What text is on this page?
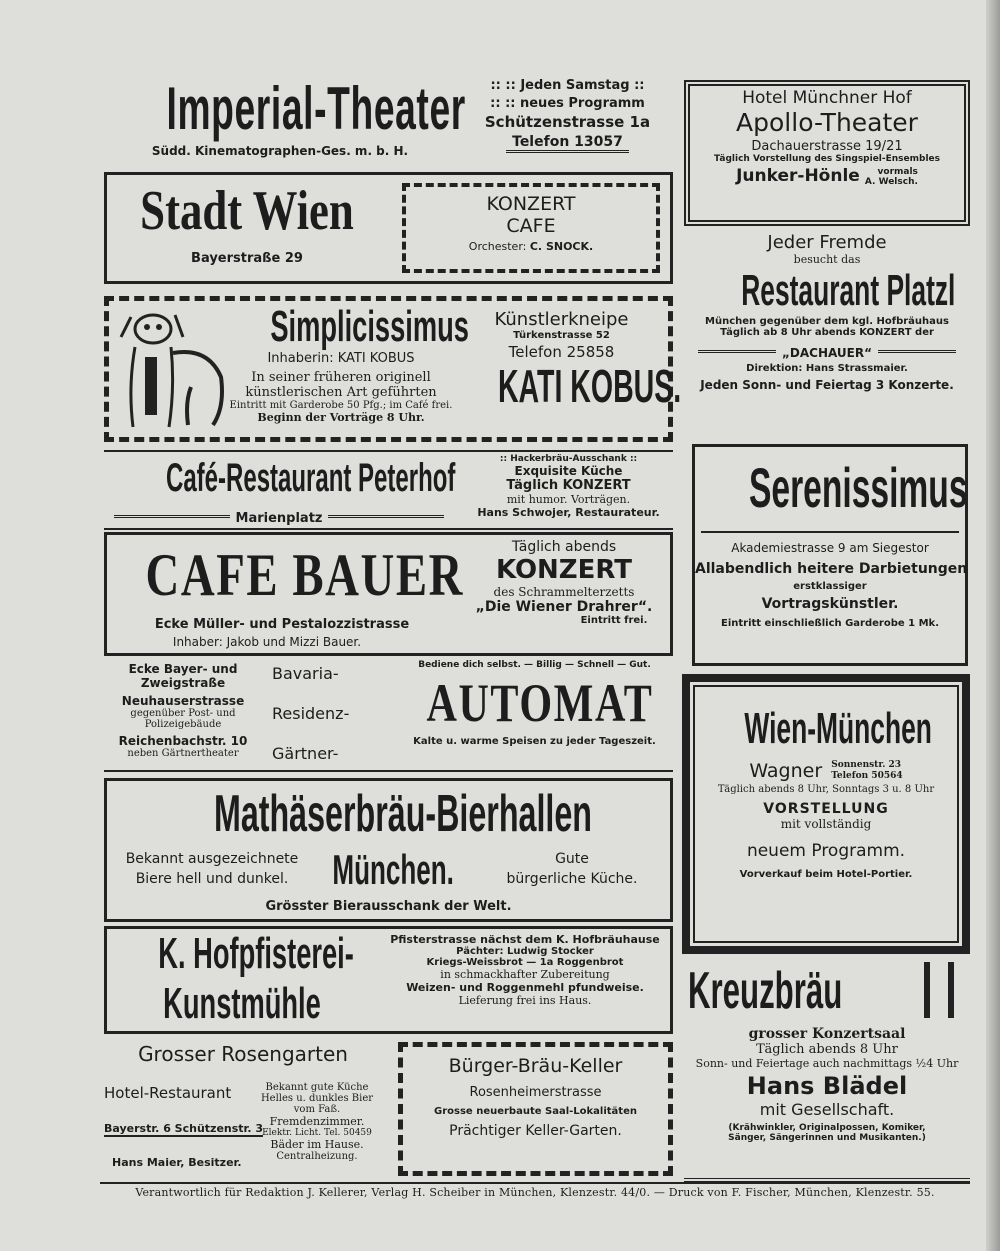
Imperial-Theater
Südd. Kinematographen-Ges. m. b. H.
:: :: Jeden Samstag ::
:: :: neues Programm
Schützenstrasse 1a
Telefon 13057
Stadt Wien
Bayerstraße 29
KONZERT
CAFE
Orchester: C. SNOCK.
Simplicissimus
Inhaberin: KATI KOBUS
In seiner früheren originell
künstlerischen Art geführten
Eintritt mit Garderobe 50 Pfg.; im Café frei.
Beginn der Vorträge 8 Uhr.
Künstlerkneipe
Türkenstrasse 52
Telefon 25858
KATI KOBUS.
Café-Restaurant Peterhof
Marienplatz
:: Hackerbräu-Ausschank ::
Exquisite Küche
Täglich KONZERT
mit humor. Vorträgen.
Hans Schwojer, Restaurateur.
CAFE BAUER
Ecke Müller- und Pestalozzistrasse
Inhaber: Jakob und Mizzi Bauer.
Täglich abends
KONZERT
des Schrammelterzetts
„Die Wiener Drahrer“.
Eintritt frei.
Ecke Bayer- und
Zweigstraße
Neuhauserstrasse
gegenüber Post- und
Polizeigebäude
Reichenbachstr. 10
neben Gärtnertheater
Bavaria-
Residenz-
Gärtner-
Bediene dich selbst. — Billig — Schnell — Gut.
AUTOMAT
Kalte u. warme Speisen zu jeder Tageszeit.
Mathäserbräu-Bierhallen
Bekannt ausgezeichnete
Biere hell und dunkel.	München.	Gute
bürgerliche Küche.
Grösster Bierausschank der Welt.
K. Hofpfisterei-
Kunstmühle
Pfisterstrasse nächst dem K. Hofbräuhause
Pächter: Ludwig Stocker
Kriegs-Weissbrot — 1a Roggenbrot
in schmackhafter Zubereitung
Weizen- und Roggenmehl pfundweise.
Lieferung frei ins Haus.
Grosser Rosengarten
Hotel-Restaurant
Bayerstr. 6 Schützenstr. 3
Hans Maier, Besitzer.
Bekannt gute Küche
Helles u. dunkles Bier
vom Faß.
Fremdenzimmer.
Elektr. Licht. Tel. 50459
Bäder im Hause.
Centralheizung.
Bürger-Bräu-Keller
Rosenheimerstrasse
Grosse neuerbaute Saal-Lokalitäten
Prächtiger Keller-Garten.
Hotel Münchner Hof
Apollo-Theater
Dachauerstrasse 19/21
Täglich Vorstellung des Singspiel-Ensembles
Junker-Hönle	vormals
A. Welsch.
Jeder Fremde
besucht das
Restaurant Platzl
München gegenüber dem kgl. Hofbräuhaus
Täglich ab 8 Uhr abends KONZERT der
„DACHAUER“
Direktion: Hans Strassmaier.
Jeden Sonn- und Feiertag 3 Konzerte.
Serenissimus
Akademiestrasse 9 am Siegestor
Allabendlich heitere Darbietungen
erstklassiger
Vortragskünstler.
Eintritt einschließlich Garderobe 1 Mk.
Wien-München
Wagner Sonnenstr. 23
Telefon 50564
Täglich abends 8 Uhr, Sonntags 3 u. 8 Uhr
VORSTELLUNG
mit vollständig
neuem Programm.
Vorverkauf beim Hotel-Portier.
Kreuzbräu
grosser Konzertsaal
Täglich abends 8 Uhr
Sonn- und Feiertage auch nachmittags ½4 Uhr
Hans Blädel
mit Gesellschaft.
(Krähwinkler, Originalpossen, Komiker,
Sänger, Sängerinnen und Musikanten.)
Verantwortlich für Redaktion J. Kellerer, Verlag H. Scheiber in München, Klenzestr. 44/0. — Druck von F. Fischer, München, Klenzestr. 55.
